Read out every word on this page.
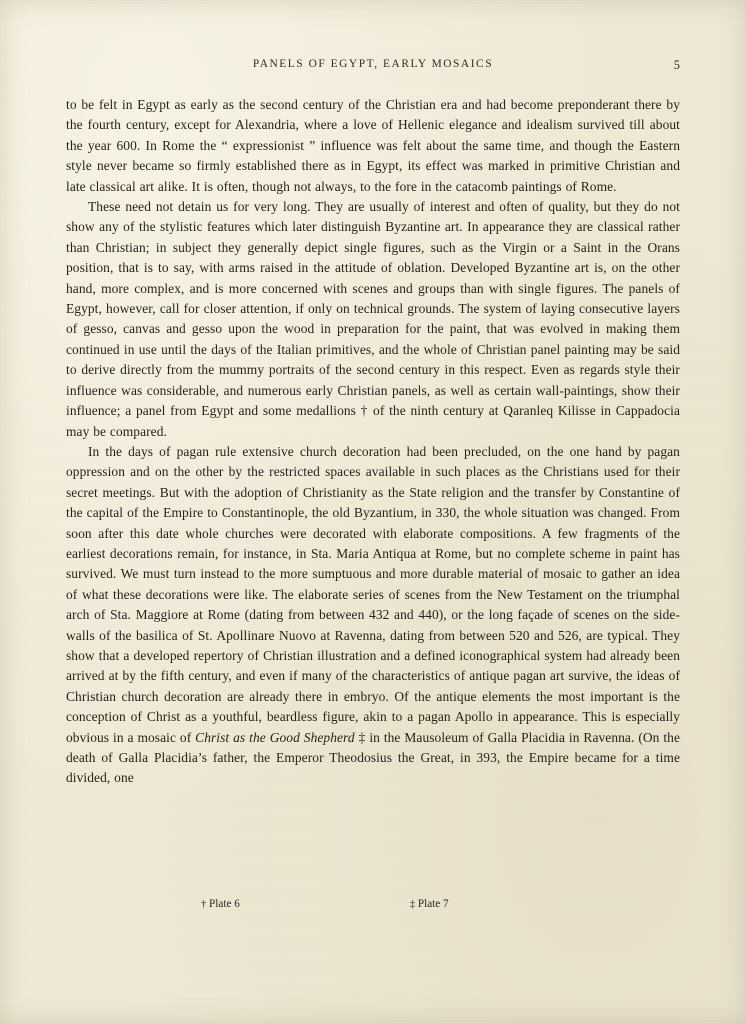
PANELS OF EGYPT, EARLY MOSAICS	5

to be felt in Egypt as early as the second century of the Christian era and had become preponderant there by the fourth century, except for Alexandria, where a love of Hellenic elegance and idealism survived till about the year 600. In Rome the “ expressionist ” influence was felt about the same time, and though the Eastern style never became so firmly established there as in Egypt, its effect was marked in primitive Christian and late classical art alike. It is often, though not always, to the fore in the catacomb paintings of Rome.

These need not detain us for very long. They are usually of interest and often of quality, but they do not show any of the stylistic features which later distinguish Byzantine art. In appearance they are classical rather than Christian; in subject they generally depict single figures, such as the Virgin or a Saint in the Orans position, that is to say, with arms raised in the attitude of oblation. Developed Byzantine art is, on the other hand, more complex, and is more concerned with scenes and groups than with single figures. The panels of Egypt, however, call for closer attention, if only on technical grounds. The system of laying consecutive layers of gesso, canvas and gesso upon the wood in preparation for the paint, that was evolved in making them continued in use until the days of the Italian primitives, and the whole of Christian panel painting may be said to derive directly from the mummy portraits of the second century in this respect. Even as regards style their influence was considerable, and numerous early Christian panels, as well as certain wall-paintings, show their influence; a panel from Egypt and some medallions † of the ninth century at Qaranleq Kilisse in Cappadocia may be compared.

In the days of pagan rule extensive church decoration had been precluded, on the one hand by pagan oppression and on the other by the restricted spaces available in such places as the Christians used for their secret meetings. But with the adoption of Christianity as the State religion and the transfer by Constantine of the capital of the Empire to Constantinople, the old Byzantium, in 330, the whole situation was changed. From soon after this date whole churches were decorated with elaborate compositions. A few fragments of the earliest decorations remain, for instance, in Sta. Maria Antiqua at Rome, but no complete scheme in paint has survived. We must turn instead to the more sumptuous and more durable material of mosaic to gather an idea of what these decorations were like. The elaborate series of scenes from the New Testament on the triumphal arch of Sta. Maggiore at Rome (dating from between 432 and 440), or the long façade of scenes on the side-walls of the basilica of St. Apollinare Nuovo at Ravenna, dating from between 520 and 526, are typical. They show that a developed repertory of Christian illustration and a defined iconographical system had already been arrived at by the fifth century, and even if many of the characteristics of antique pagan art survive, the ideas of Christian church decoration are already there in embryo. Of the antique elements the most important is the conception of Christ as a youthful, beardless figure, akin to a pagan Apollo in appearance. This is especially obvious in a mosaic of Christ as the Good Shepherd ‡ in the Mausoleum of Galla Placidia in Ravenna. (On the death of Galla Placidia’s father, the Emperor Theodosius the Great, in 393, the Empire became for a time divided, one

† Plate 6	‡ Plate 7
